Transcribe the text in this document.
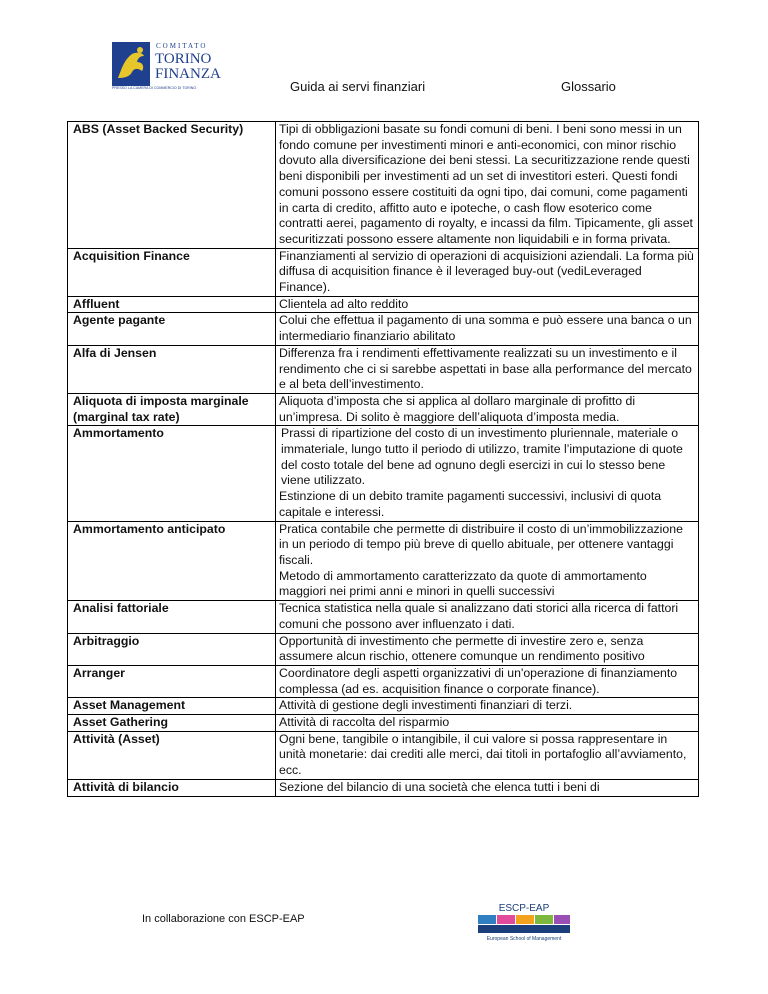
COMITATO
TORINO
FINANZA
PRESSO LA CAMERA DI COMMERCIO DI TORINO	Guida ai servi finanziari	Glossario
ABS (Asset Backed Security)	Tipi di obbligazioni basate su fondi comuni di beni. I beni sono messi in un fondo comune per investimenti minori e anti-economici, con minor rischio dovuto alla diversificazione dei beni stessi. La securitizzazione rende questi beni disponibili per investimenti ad un set di investitori esteri. Questi fondi comuni possono essere costituiti da ogni tipo, dai comuni, come pagamenti in carta di credito, affitto auto e ipoteche, o cash flow esoterico come contratti aerei, pagamento di royalty, e incassi da film. Tipicamente, gli asset securitizzati possono essere altamente non liquidabili e in forma privata.

Acquisition Finance	Finanziamenti al servizio di operazioni di acquisizioni aziendali. La forma più diffusa di acquisition finance è il leveraged buy-out (vediLeveraged Finance).

Affluent	Clientela ad alto reddito

Agente pagante	Colui che effettua il pagamento di una somma e può essere una banca o un intermediario finanziario abilitato

Alfa di Jensen	Differenza fra i rendimenti effettivamente realizzati su un investimento e il rendimento che ci si sarebbe aspettati in base alla performance del mercato e al beta dell’investimento.

Aliquota di imposta marginale (marginal tax rate)	Aliquota d’imposta che si applica al dollaro marginale di profitto di un’impresa. Di solito è maggiore dell’aliquota d’imposta media.

Ammortamento	Prassi di ripartizione del costo di un investimento pluriennale, materiale o immateriale, lungo tutto il periodo di utilizzo, tramite l’imputazione di quote del costo totale del bene ad ognuno degli esercizi in cui lo stesso bene viene utilizzato.
Estinzione di un debito tramite pagamenti successivi, inclusivi di quota capitale e interessi.

Ammortamento anticipato	Pratica contabile che permette di distribuire il costo di un’immobilizzazione in un periodo di tempo più breve di quello abituale, per ottenere vantaggi fiscali.
Metodo di ammortamento caratterizzato da quote di ammortamento maggiori nei primi anni e minori in quelli successivi

Analisi fattoriale	Tecnica statistica nella quale si analizzano dati storici alla ricerca di fattori comuni che possono aver influenzato i dati.

Arbitraggio	Opportunità di investimento che permette di investire zero e, senza assumere alcun rischio, ottenere comunque un rendimento positivo

Arranger	Coordinatore degli aspetti organizzativi di un'operazione di finanziamento complessa (ad es. acquisition finance o corporate finance).

Asset Management	Attività di gestione degli investimenti finanziari di terzi.

Asset Gathering	Attività di raccolta del risparmio

Attività (Asset)	Ogni bene, tangibile o intangibile, il cui valore si possa rappresentare in unità monetarie: dai crediti alle merci, dai titoli in portafoglio all’avviamento, ecc.

Attività di bilancio	Sezione del bilancio di una società che elenca tutti i beni di
In collaborazione con ESCP-EAP
ESCP-EAP
European School of Management
